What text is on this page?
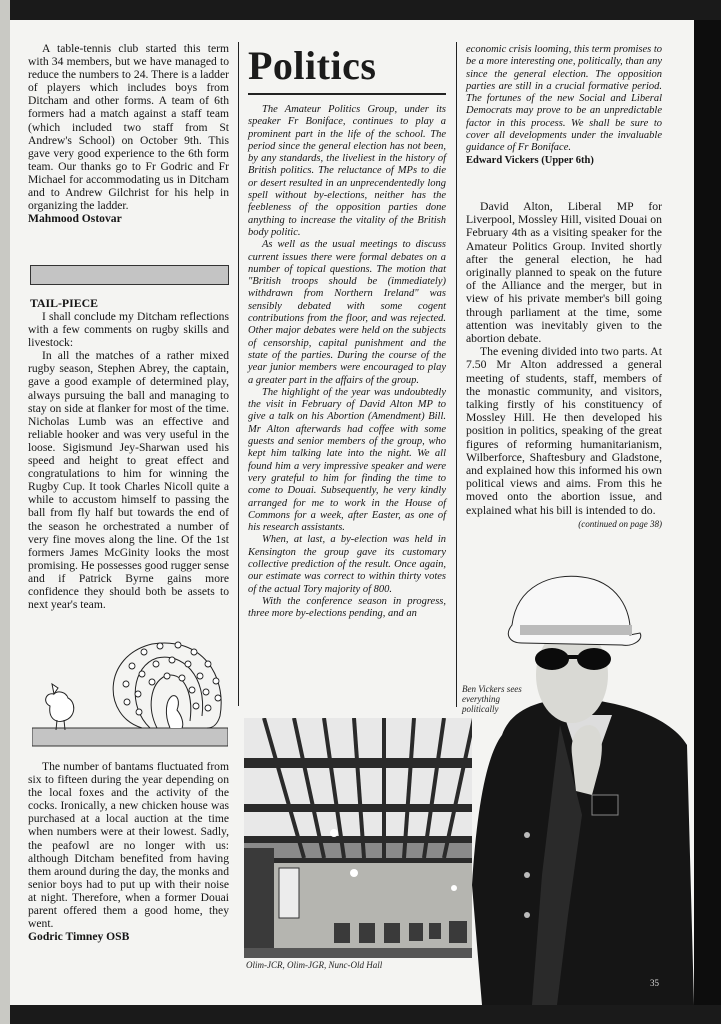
A table-tennis club started this term with 34 members, but we have managed to reduce the numbers to 24. There is a ladder of players which includes boys from Ditcham and other forms. A team of 6th formers had a match against a staff team (which included two staff from St Andrew's School) on October 9th. This gave very good experience to the 6th form team. Our thanks go to Fr Godric and Fr Michael for accommodating us in Ditcham and to Andrew Gilchrist for his help in organizing the ladder.

Mahmood Ostovar

TAIL-PIECE

I shall conclude my Ditcham reflections with a few comments on rugby skills and livestock:

In all the matches of a rather mixed rugby season, Stephen Abrey, the captain, gave a good example of determined play, always pursuing the ball and managing to stay on side at flanker for most of the time. Nicholas Lumb was an effective and reliable hooker and was very useful in the loose. Sigismund Jey-Sharwan used his speed and height to great effect and congratulations to him for winning the Rugby Cup. It took Charles Nicoll quite a while to accustom himself to passing the ball from fly half but towards the end of the season he orchestrated a number of very fine moves along the line. Of the 1st formers James McGinity looks the most promising. He possesses good rugger sense and if Patrick Byrne gains more confidence they should both be assets to next year's team.

The number of bantams fluctuated from six to fifteen during the year depending on the local foxes and the activity of the cocks. Ironically, a new chicken house was purchased at a local auction at the time when numbers were at their lowest. Sadly, the peafowl are no longer with us: although Ditcham benefited from having them around during the day, the monks and senior boys had to put up with their noise at night. Therefore, when a former Douai parent offered them a good home, they went.

Godric Timney OSB

Politics

The Amateur Politics Group, under its speaker Fr Boniface, continues to play a prominent part in the life of the school. The period since the general election has not been, by any standards, the liveliest in the history of British politics. The reluctance of MPs to die or desert resulted in an unprecendentedly long spell without by-elections, neither has the feebleness of the opposition parties done anything to increase the vitality of the British body politic.

As well as the usual meetings to discuss current issues there were formal debates on a number of topical questions. The motion that "British troops should be (immediately) withdrawn from Northern Ireland" was sensibly debated with some cogent contributions from the floor, and was rejected. Other major debates were held on the subjects of censorship, capital punishment and the state of the parties. During the course of the year junior members were encouraged to play a greater part in the affairs of the group.

The highlight of the year was undoubtedly the visit in February of David Alton MP to give a talk on his Abortion (Amendment) Bill. Mr Alton afterwards had coffee with some guests and senior members of the group, who kept him talking late into the night. We all found him a very impressive speaker and were very grateful to him for finding the time to come to Douai. Subsequently, he very kindly arranged for me to work in the House of Commons for a week, after Easter, as one of his research assistants.

When, at last, a by-election was held in Kensington the group gave its customary collective prediction of the result. Once again, our estimate was correct to within thirty votes of the actual Tory majority of 800.

With the conference season in progress, three more by-elections pending, and an

economic crisis looming, this term promises to be a more interesting one, politically, than any since the general election. The opposition parties are still in a crucial formative period. The fortunes of the new Social and Liberal Democrats may prove to be an unpredictable factor in this process. We shall be sure to cover all developments under the invaluable guidance of Fr Boniface.

Edward Vickers (Upper 6th)

David Alton, Liberal MP for Liverpool, Mossley Hill, visited Douai on February 4th as a visiting speaker for the Amateur Politics Group. Invited shortly after the general election, he had originally planned to speak on the future of the Alliance and the merger, but in view of his private member's bill going through parliament at the time, some attention was inevitably given to the abortion debate.

The evening divided into two parts. At 7.50 Mr Alton addressed a general meeting of students, staff, members of the monastic community, and visitors, talking firstly of his constituency of Mossley Hill. He then developed his position in politics, speaking of the great figures of reforming humanitarianism, Wilberforce, Shaftesbury and Gladstone, and explained how this informed his own political views and aims. From this he moved onto the abortion issue, and explained what his bill is intended to do.

(continued on page 38)
Olim-JCR, Olim-JGR, Nunc-Old Hall
Ben Vickers sees everything politically
35
